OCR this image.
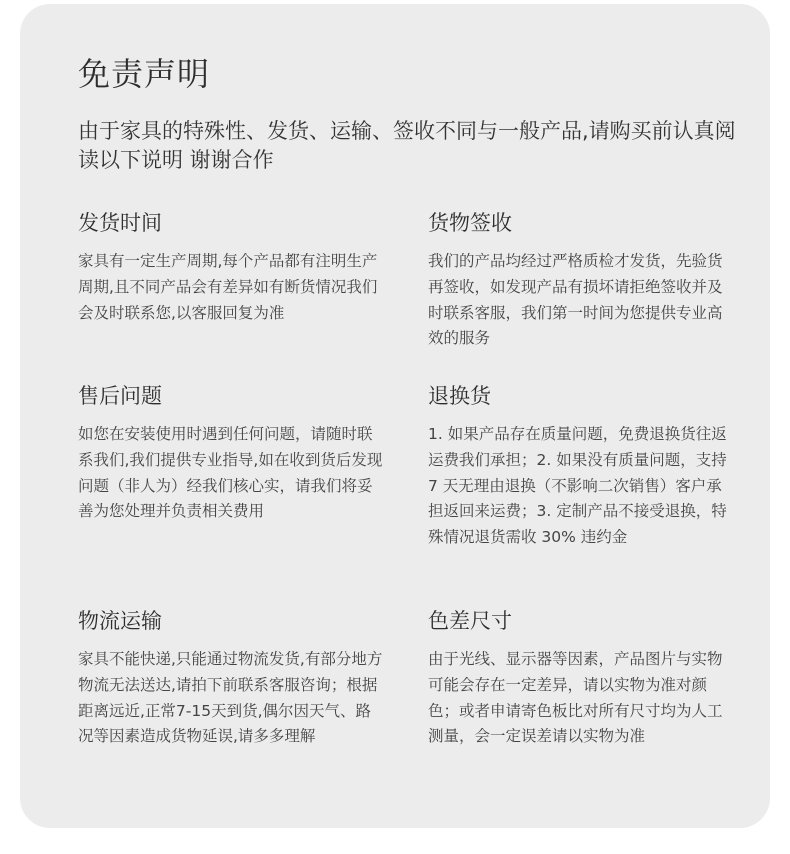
免责声明

由于家具的特殊性、发货、运输、签收不同与一般产品,请购买前认真阅读以下说明 谢谢合作

发货时间

家具有一定生产周期,每个产品都有注明生产周期,且不同产品会有差异如有断货情况我们会及时联系您,以客服回复为准

货物签收

我们的产品均经过严格质检才发货，先验货再签收，如发现产品有损坏请拒绝签收并及时联系客服，我们第一时间为您提供专业高效的服务

售后问题

如您在安装使用时遇到任何问题，请随时联系我们,我们提供专业指导,如在收到货后发现问题（非人为）经我们核心实，请我们将妥善为您处理并负责相关费用

退换货

1. 如果产品存在质量问题，免费退换货往返运费我们承担；2. 如果没有质量问题，支持 7 天无理由退换（不影响二次销售）客户承担返回来运费；3. 定制产品不接受退换，特殊情况退货需收 30% 违约金

物流运输

家具不能快递,只能通过物流发货,有部分地方物流无法送达,请拍下前联系客服咨询；根据距离远近,正常7-15天到货,偶尔因天气、路况等因素造成货物延误,请多多理解

色差尺寸

由于光线、显示器等因素，产品图片与实物可能会存在一定差异，请以实物为准对颜色；或者申请寄色板比对所有尺寸均为人工测量，会一定误差请以实物为准
